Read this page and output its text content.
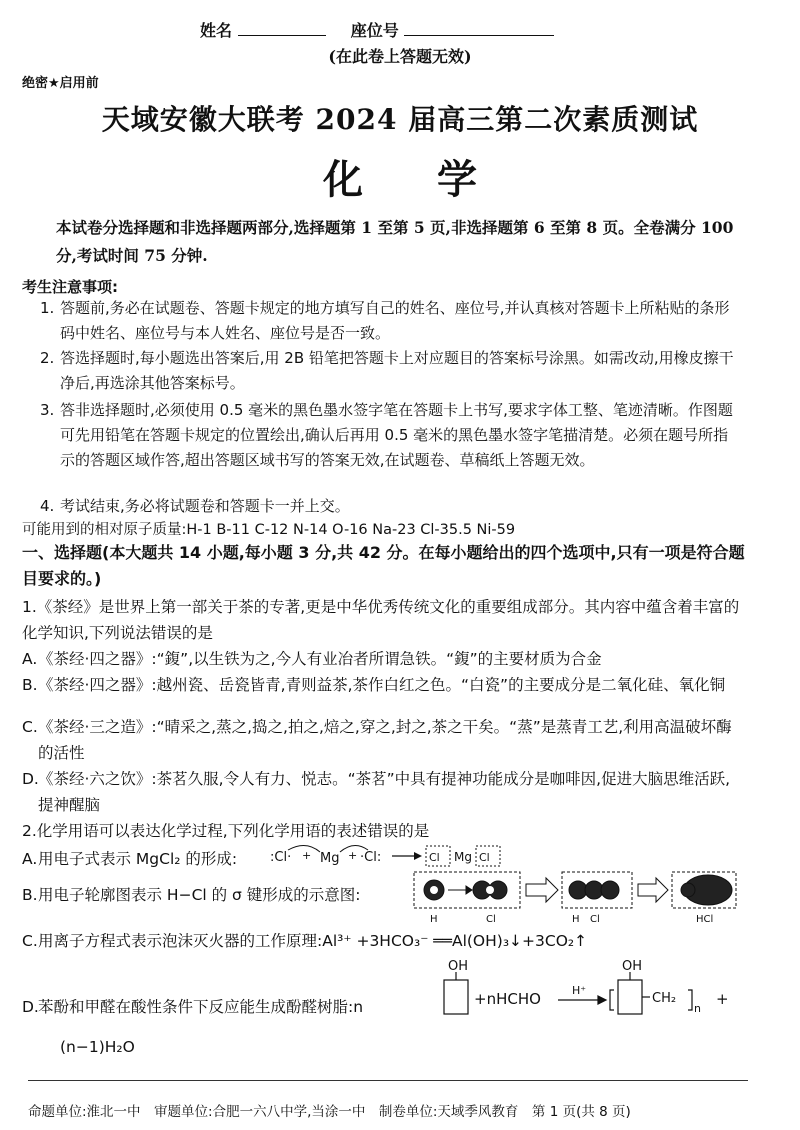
姓名	座位号
(在此卷上答题无效)
绝密★启用前
天域安徽大联考 2024 届高三第二次素质测试
化 学
本试卷分选择题和非选择题两部分,选择题第 1 至第 5 页,非选择题第 6 至第 8 页。全卷满分 100 分,考试时间 75 分钟.
考生注意事项:
1. 答题前,务必在试题卷、答题卡规定的地方填写自己的姓名、座位号,并认真核对答题卡上所粘贴的条形码中姓名、座位号与本人姓名、座位号是否一致。
2. 答选择题时,每小题选出答案后,用 2B 铅笔把答题卡上对应题目的答案标号涂黑。如需改动,用橡皮擦干净后,再选涂其他答案标号。
3. 答非选择题时,必须使用 0.5 毫米的黑色墨水签字笔在答题卡上书写,要求字体工整、笔迹清晰。作图题可先用铅笔在答题卡规定的位置绘出,确认后再用 0.5 毫米的黑色墨水签字笔描清楚。必须在题号所指示的答题区域作答,超出答题区域书写的答案无效,在试题卷、草稿纸上答题无效。
4. 考试结束,务必将试题卷和答题卡一并上交。
可能用到的相对原子质量:H-1 B-11 C-12 N-14 O-16 Na-23 Cl-35.5 Ni-59
一、选择题(本大题共 14 小题,每小题 3 分,共 42 分。在每小题给出的四个选项中,只有一项是符合题目要求的。)
1.《茶经》是世界上第一部关于茶的专著,更是中华优秀传统文化的重要组成部分。其内容中蕴含着丰富的化学知识,下列说法错误的是
A.《茶经·四之器》:“鍑”,以生铁为之,今人有业冶者所谓急铁。“鍑”的主要材质为合金
B.《茶经·四之器》:越州瓷、岳瓷皆青,青则益茶,茶作白红之色。“白瓷”的主要成分是二氧化硅、氧化铜
C.《茶经·三之造》:“晴采之,蒸之,捣之,拍之,焙之,穿之,封之,茶之干矣。“蒸”是蒸青工艺,利用高温破坏酶的活性
D.《茶经·六之饮》:茶茗久服,令人有力、悦志。“茶茗”中具有提神功能成分是咖啡因,促进大脑思维活跃,提神醒脑
2.化学用语可以表达化学过程,下列化学用语的表述错误的是
A.用电子式表示 MgCl₂ 的形成:	:Cl· + Mg + ·Cl:	Cl Mg Cl
B.用电子轮廓图表示 H−Cl 的 σ 键形成的示意图:
H	Cl	H Cl	HCl
C.用离子方程式表示泡沫灭火器的工作原理:Al³⁺ +3HCO₃⁻ ══Al(OH)₃↓+3CO₂↑
D.苯酚和甲醛在酸性条件下反应能生成酚醛树脂:n
OH
+nHCHO	H⁺
OH
CH₂
n
+
(n−1)H₂O
命题单位:淮北一中　审题单位:合肥一六八中学,当涂一中　制卷单位:天域季风教育　第 1 页(共 8 页)
